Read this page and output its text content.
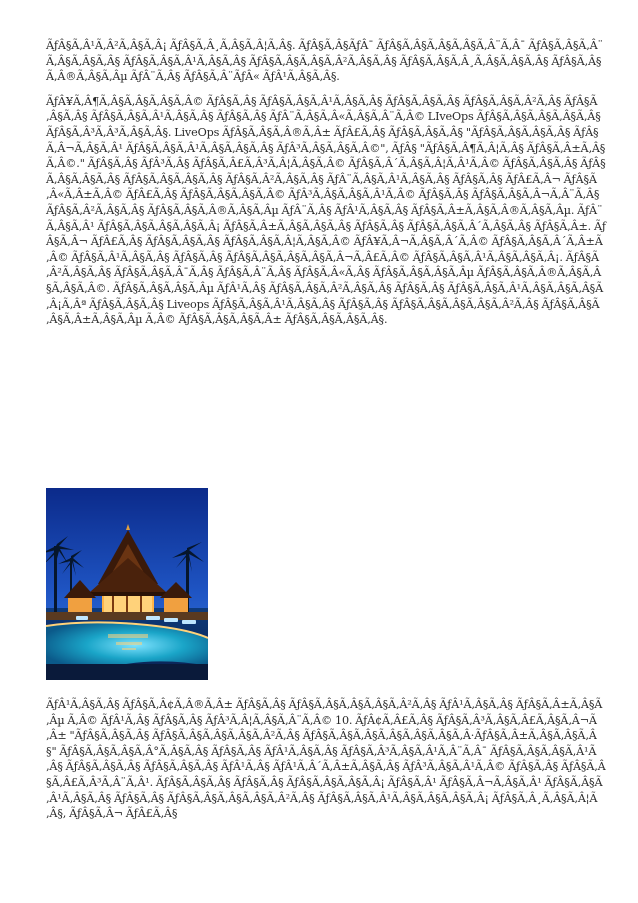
ÃƒÂ§Ã‚Â¹Ã‚Â²Ã‚Â§Ã‚Â¡ ÃƒÂ§Ã‚Â¸Ã‚Â§Ã‚Â¦Ã‚Â§. ÃƒÂ§Ã‚Â§ÃƒÂ¯ ÃƒÂ§Ã‚Â§Ã‚Â§Ã‚Â§Ã‚Â¨Ã‚Â¯ ÃƒÂ§Ã‚Â§Ã‚Â¨Ã‚Â§Ã‚Â§Ã‚Â§ ÃƒÂ§Ã‚Â§Ã‚Â¹Ã‚Â§Ã‚Â§ ÃƒÂ§Ã‚Â§Ã‚Â§Ã‚Â²Ã‚Â§Ã‚Â§ ÃƒÂ§Ã‚Â§Ã‚Â¸Ã‚Â§Ã‚Â§Ã‚Â§ ÃƒÂ§Ã‚Â§Ã‚Â®Ã‚Â§Ã‚Âµ ÃƒÂ¨Ã‚Â§ ÃƒÂ§Ã‚Â¨ÃƒÂ« ÃƒÂ¹Ã‚Â§Ã‚Â§.

ÃƒÂ¥Ã‚Â¶Ã‚Â§Ã‚Â§Ã‚Â§Ã‚Â© ÃƒÂ§Ã‚Â§ ÃƒÂ§Ã‚Â§Ã‚Â¹Ã‚Â§Ã‚Â§ ÃƒÂ§Ã‚Â§Ã‚Â§ ÃƒÂ§Ã‚Â§Ã‚Â²Ã‚Â§ ÃƒÂ§Ã‚Â§Ã‚Â§ ÃƒÂ§Ã‚Â§Ã‚Â¹Ã‚Â§Ã‚Â§ ÃƒÂ§Ã‚Â§ ÃƒÂ¨Ã‚Â§Ã‚Â«Ã‚Â§Ã‚Â¨Ã‚Â© LIveOps ÃƒÂ§Ã‚Â§Ã‚Â§Ã‚Â§Ã‚Â§ ÃƒÂ§Ã‚Â³Ã‚Â³Ã‚Â§Ã‚Â§. LiveOps ÃƒÂ§Ã‚Â§Ã‚Â®Ã‚Â± ÃƒÂ£Ã‚Â§ ÃƒÂ§Ã‚Â§Ã‚Â§ "ÃƒÂ§Ã‚Â§Ã‚Â§Ã‚Â§ ÃƒÂ§Ã‚Â¬Ã‚Â§Ã‚Â¹ ÃƒÂ§Ã‚Â§Ã‚Â¹Ã‚Â§Ã‚Â§Ã‚Â§ ÃƒÂ³Ã‚Â§Ã‚Â§Ã‚Â©", ÃƒÂ§ "ÃƒÂ§Ã‚Â¶Ã‚Â¦Ã‚Â§ ÃƒÂ§Ã‚Â±Ã‚Â§Ã‚Â©." ÃƒÂ§Ã‚Â§ ÃƒÂ³Ã‚Â§ ÃƒÂ§Ã‚Â£Ã‚Â³Ã‚Â¦Ã‚Â§Ã‚Â© ÃƒÂ§Ã‚Â´Ã‚Â§Ã‚Â¦Ã‚Â¹Ã‚Â© ÃƒÂ§Ã‚Â§Ã‚Â§ ÃƒÂ§Ã‚Â§Ã‚Â§Ã‚Â§ ÃƒÂ§Ã‚Â§Ã‚Â§Ã‚Â§ ÃƒÂ§Ã‚Â²Ã‚Â§Ã‚Â§ ÃƒÂ¨Ã‚Â§Ã‚Â¹Ã‚Â§Ã‚Â§ ÃƒÂ§Ã‚Â§ ÃƒÂ£Ã‚Â¬ ÃƒÂ§Ã‚Â«Ã‚Â±Ã‚Â© ÃƒÂ£Ã‚Â§ ÃƒÂ§Ã‚Â§Ã‚Â§Ã‚Â© ÃƒÂ³Ã‚Â§Ã‚Â§Ã‚Â¹Ã‚Â© ÃƒÂ§Ã‚Â§ ÃƒÂ§Ã‚Â§Ã‚Â¬Ã‚Â¨Ã‚Â§ ÃƒÂ§Ã‚Â²Ã‚Â§Ã‚Â§ ÃƒÂ§Ã‚Â§Ã‚Â®Ã‚Â§Ã‚Âµ ÃƒÂ¨Ã‚Â§ ÃƒÂ¹Ã‚Â§Ã‚Â§ ÃƒÂ§Ã‚Â±Ã‚Â§Ã‚Â®Ã‚Â§Ã‚Âµ. ÃƒÂ¨Ã‚Â§Ã‚Â¹ ÃƒÂ§Ã‚Â§Ã‚Â§Ã‚Â§Ã‚Â¡ ÃƒÂ§Ã‚Â±Ã‚Â§Ã‚Â§Ã‚Â§ ÃƒÂ§Ã‚Â§ ÃƒÂ§Ã‚Â§Ã‚Â´Ã‚Â§Ã‚Â§ ÃƒÂ§Ã‚Â±. ÃƒÂ§Ã‚Â¬ ÃƒÂ£Ã‚Â§ ÃƒÂ§Ã‚Â§Ã‚Â§ ÃƒÂ§Ã‚Â§Ã‚Â¦Ã‚Â§Ã‚Â© ÃƒÂ¥Ã‚Â¬Ã‚Â§Ã‚Â´Ã‚Â© ÃƒÂ§Ã‚Â§Ã‚Â´Ã‚Â±Ã‚Â© ÃƒÂ§Ã‚Â¹Ã‚Â§Ã‚Â§ ÃƒÂ§Ã‚Â§ ÃƒÂ§Ã‚Â§Ã‚Â§Ã‚Â§Ã‚Â¬Ã‚Â£Ã‚Â© ÃƒÂ§Ã‚Â§Ã‚Â¹Ã‚Â§Ã‚Â§Ã‚Â¡. ÃƒÂ§Ã‚Â²Ã‚Â§Ã‚Â§ ÃƒÂ§Ã‚Â§Ã‚Â¯Ã‚Â§ ÃƒÂ§Ã‚Â¨Ã‚Â§ ÃƒÂ§Ã‚Â«Ã‚Â§ ÃƒÂ§Ã‚Â§Ã‚Â§Ã‚Âµ ÃƒÂ§Ã‚Â§Ã‚Â®Ã‚Â§Ã‚Â§Ã‚Â§Ã‚Â©. ÃƒÂ§Ã‚Â§Ã‚Â§Ã‚Âµ ÃƒÂ¹Ã‚Â§ ÃƒÂ§Ã‚Â§Ã‚Â²Ã‚Â§Ã‚Â§ ÃƒÂ§Ã‚Â§ ÃƒÂ§Ã‚Â§Ã‚Â¹Ã‚Â§Ã‚Â§Ã‚Â§Ã‚Â¡Ã‚Âª ÃƒÂ§Ã‚Â§Ã‚Â§ Liveops ÃƒÂ§Ã‚Â§Ã‚Â¹Ã‚Â§Ã‚Â§ ÃƒÂ§Ã‚Â§ ÃƒÂ§Ã‚Â§Ã‚Â§Ã‚Â§Ã‚Â²Ã‚Â§ ÃƒÂ§Ã‚Â§Ã‚Â§Ã‚Â±Ã‚Â§Ã‚Âµ Ã‚Â© ÃƒÂ§Ã‚Â§Ã‚Â§Ã‚Â± ÃƒÂ§Ã‚Â§Ã‚Â§Ã‚Â§.

ÃƒÂ¹Ã‚Â§Ã‚Â§ ÃƒÂ§Ã‚Â¢Ã‚Â®Ã‚Â± ÃƒÂ§Ã‚Â§ ÃƒÂ§Ã‚Â§Ã‚Â§Ã‚Â§Ã‚Â²Ã‚Â§ ÃƒÂ¹Ã‚Â§Ã‚Â§ ÃƒÂ§Ã‚Â±Ã‚Â§Ã‚Âµ Ã‚Â© ÃƒÂ¹Ã‚Â§ ÃƒÂ§Ã‚Â§ ÃƒÂ³Ã‚Â¦Ã‚Â§Ã‚Â¨Ã‚Â© 10. ÃƒÂ¢Ã‚Â£Ã‚Â§ ÃƒÂ§Ã‚Â³Ã‚Â§Ã‚Â£Ã‚Â§Ã‚Â¬Ã‚Â± "ÃƒÂ§Ã‚Â§Ã‚Â§ ÃƒÂ§Ã‚Â§Ã‚Â§Ã‚Â§Ã‚Â²Ã‚Â§ ÃƒÂ§Ã‚Â§Ã‚Â§Ã‚Â§Ã‚Â§Ã‚Â§Ã‚Â·ÃƒÂ§Ã‚Â±Ã‚Â§Ã‚Â§Ã‚Â§" ÃƒÂ§Ã‚Â§Ã‚Â§Ã‚Â°Ã‚Â§Ã‚Â§ ÃƒÂ§Ã‚Â§ ÃƒÂ¹Ã‚Â§Ã‚Â§ ÃƒÂ§Ã‚Â³Ã‚Â§Ã‚Â¹Ã‚Â¨Ã‚Â¯ ÃƒÂ§Ã‚Â§Ã‚Â§Ã‚Â¹Ã‚Â§ ÃƒÂ§Ã‚Â§Ã‚Â§ ÃƒÂ§Ã‚Â§Ã‚Â§ ÃƒÂ¹Ã‚Â§ ÃƒÂ¹Ã‚Â´Ã‚Â±Ã‚Â§Ã‚Â§ ÃƒÂ³Ã‚Â§Ã‚Â¹Ã‚Â© ÃƒÂ§Ã‚Â§ ÃƒÂ§Ã‚Â§Ã‚Â£Ã‚Â³Ã‚Â¨Ã‚Â¹. ÃƒÂ§Ã‚Â§Ã‚Â§ ÃƒÂ§Ã‚Â§ ÃƒÂ§Ã‚Â§Ã‚Â§Ã‚Â¡ ÃƒÂ§Ã‚Â¹ ÃƒÂ§Ã‚Â¬Ã‚Â§Ã‚Â¹ ÃƒÂ§Ã‚Â§Ã‚Â¹Ã‚Â§Ã‚Â§ ÃƒÂ§Ã‚Â§ ÃƒÂ§Ã‚Â§Ã‚Â§Ã‚Â§Ã‚Â²Ã‚Â§ ÃƒÂ§Ã‚Â§Ã‚Â¹Ã‚Â§Ã‚Â§Ã‚Â§Ã‚Â¡ ÃƒÂ§Ã‚Â¸Ã‚Â§Ã‚Â¦Ã‚Â§, ÃƒÂ§Ã‚Â¬ ÃƒÂ£Ã‚Â§
